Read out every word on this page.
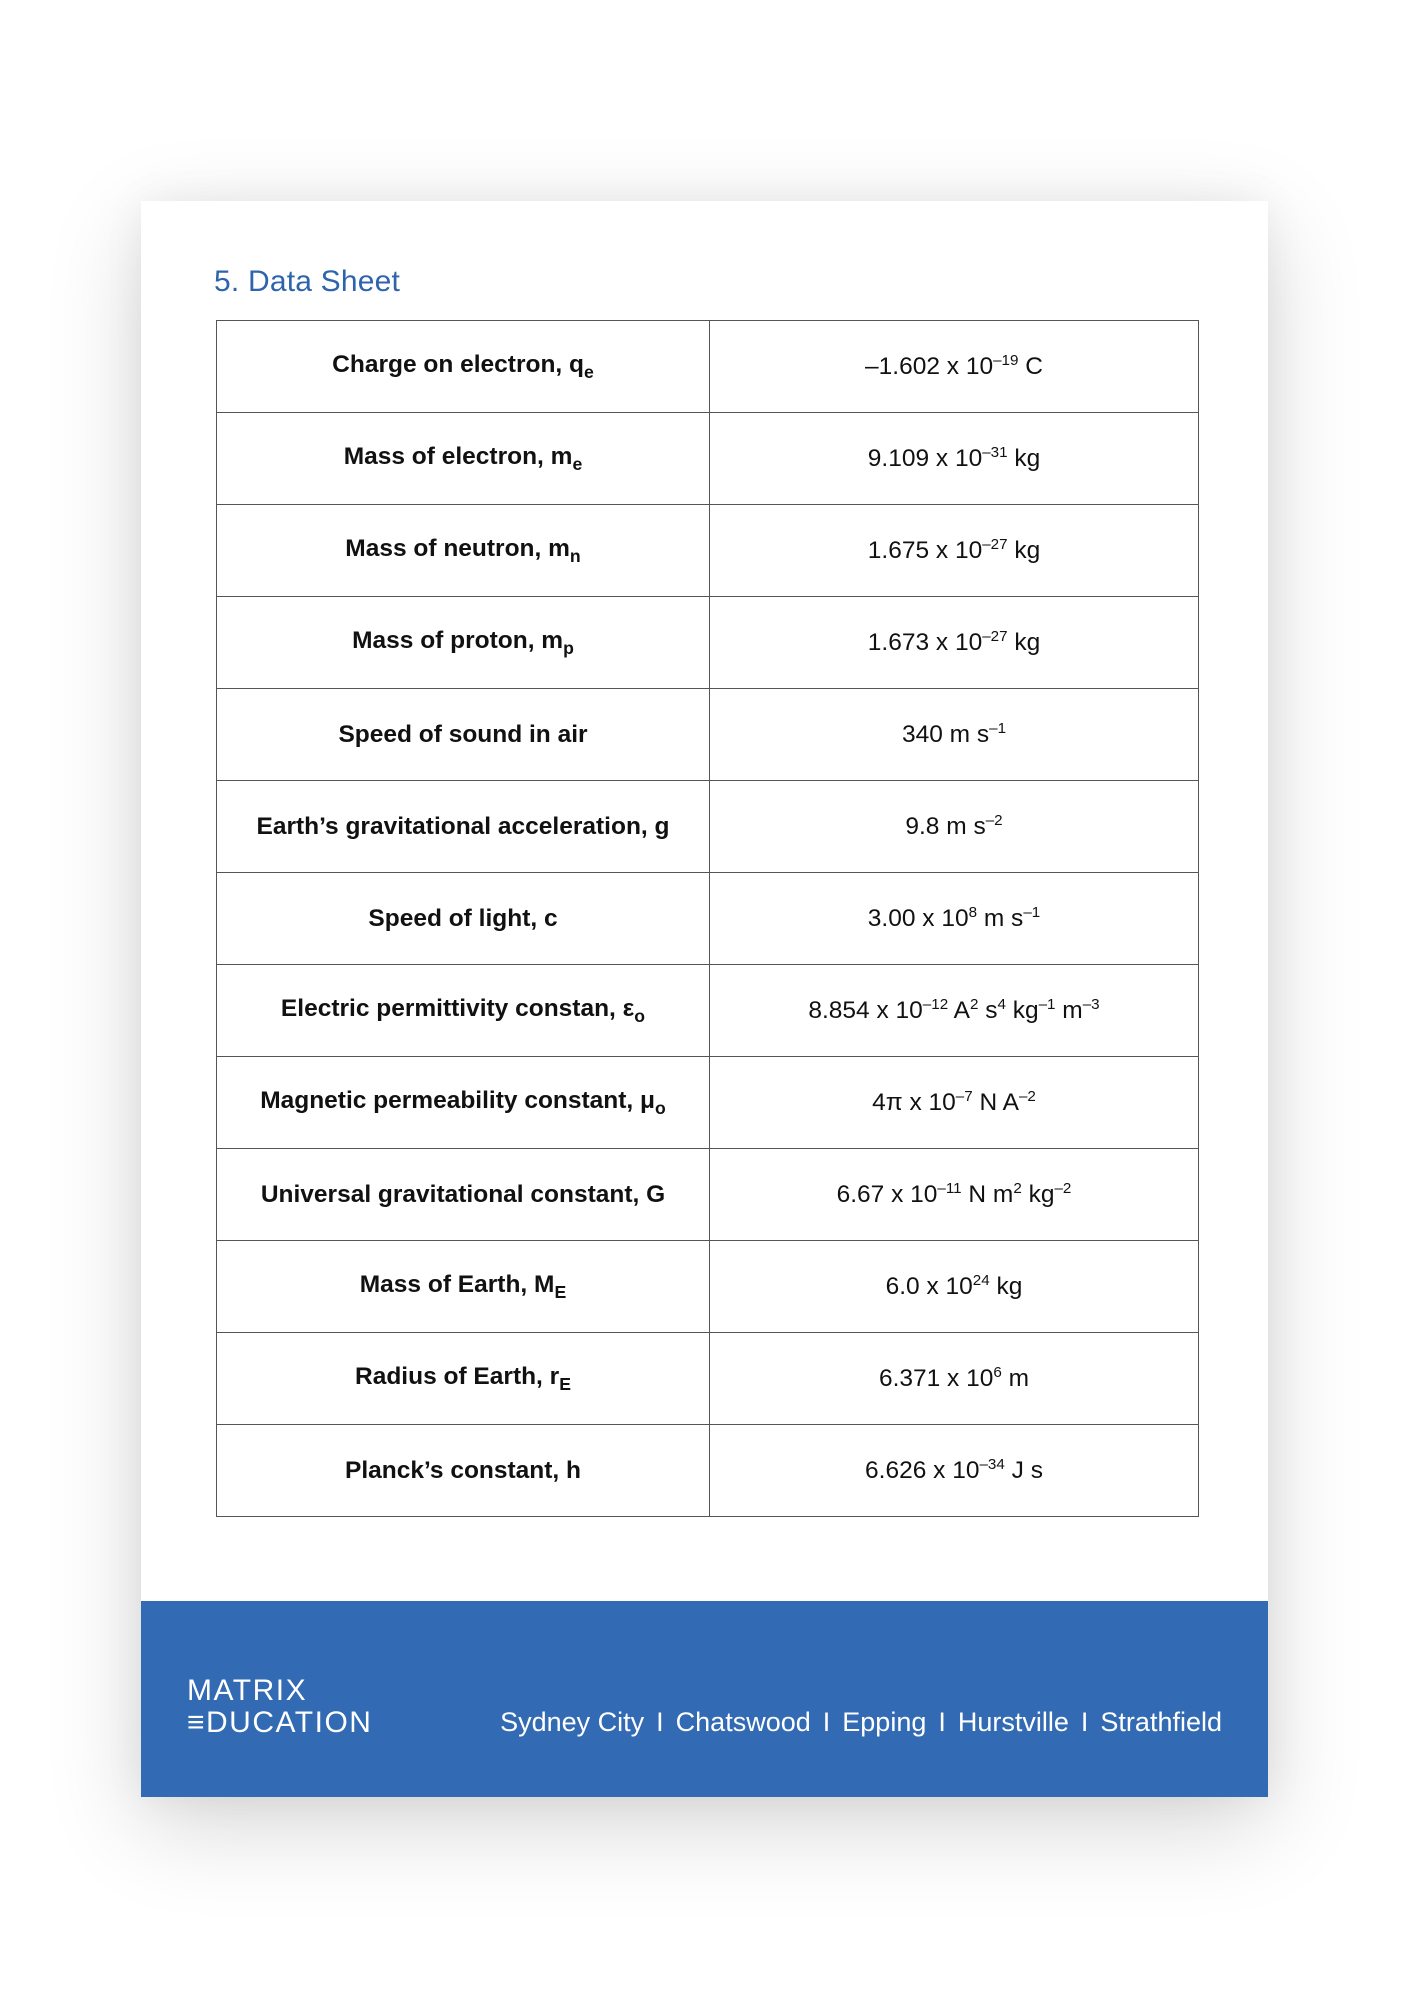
5. Data Sheet
Charge on electron, $q_e$	–1.602 x $10^{-19}$ C
Mass of electron, $m_e$	9.109 x $10^{-31}$ kg
Mass of neutron, $m_n$	1.675 x $10^{-27}$ kg
Mass of proton, $m_p$	1.673 x $10^{-27}$ kg
Speed of sound in air	340 m $s^{-1}$
Earth’s gravitational acceleration, g	9.8 m $s^{-2}$
Speed of light, c	3.00 x $10^8$ m $s^{-1}$
Electric permittivity constan, $\varepsilon_o$	8.854 x $10^{-12}$ $A^2$ $s^4$ $kg^{-1}$ $m^{-3}$
Magnetic permeability constant, $\mu_o$	4π x $10^{-7}$ N $A^{-2}$
Universal gravitational constant, G	6.67 x $10^{-11}$ N $m^2$ $kg^{-2}$
Mass of Earth, $M_E$	6.0 x $10^{24}$ kg
Radius of Earth, $r_E$	6.371 x $10^6$ m
Planck’s constant, h	6.626 x $10^{-34}$ J s
MATRIX
≡DUCATION	Sydney City I Chatswood I Epping I Hurstville I Strathfield
